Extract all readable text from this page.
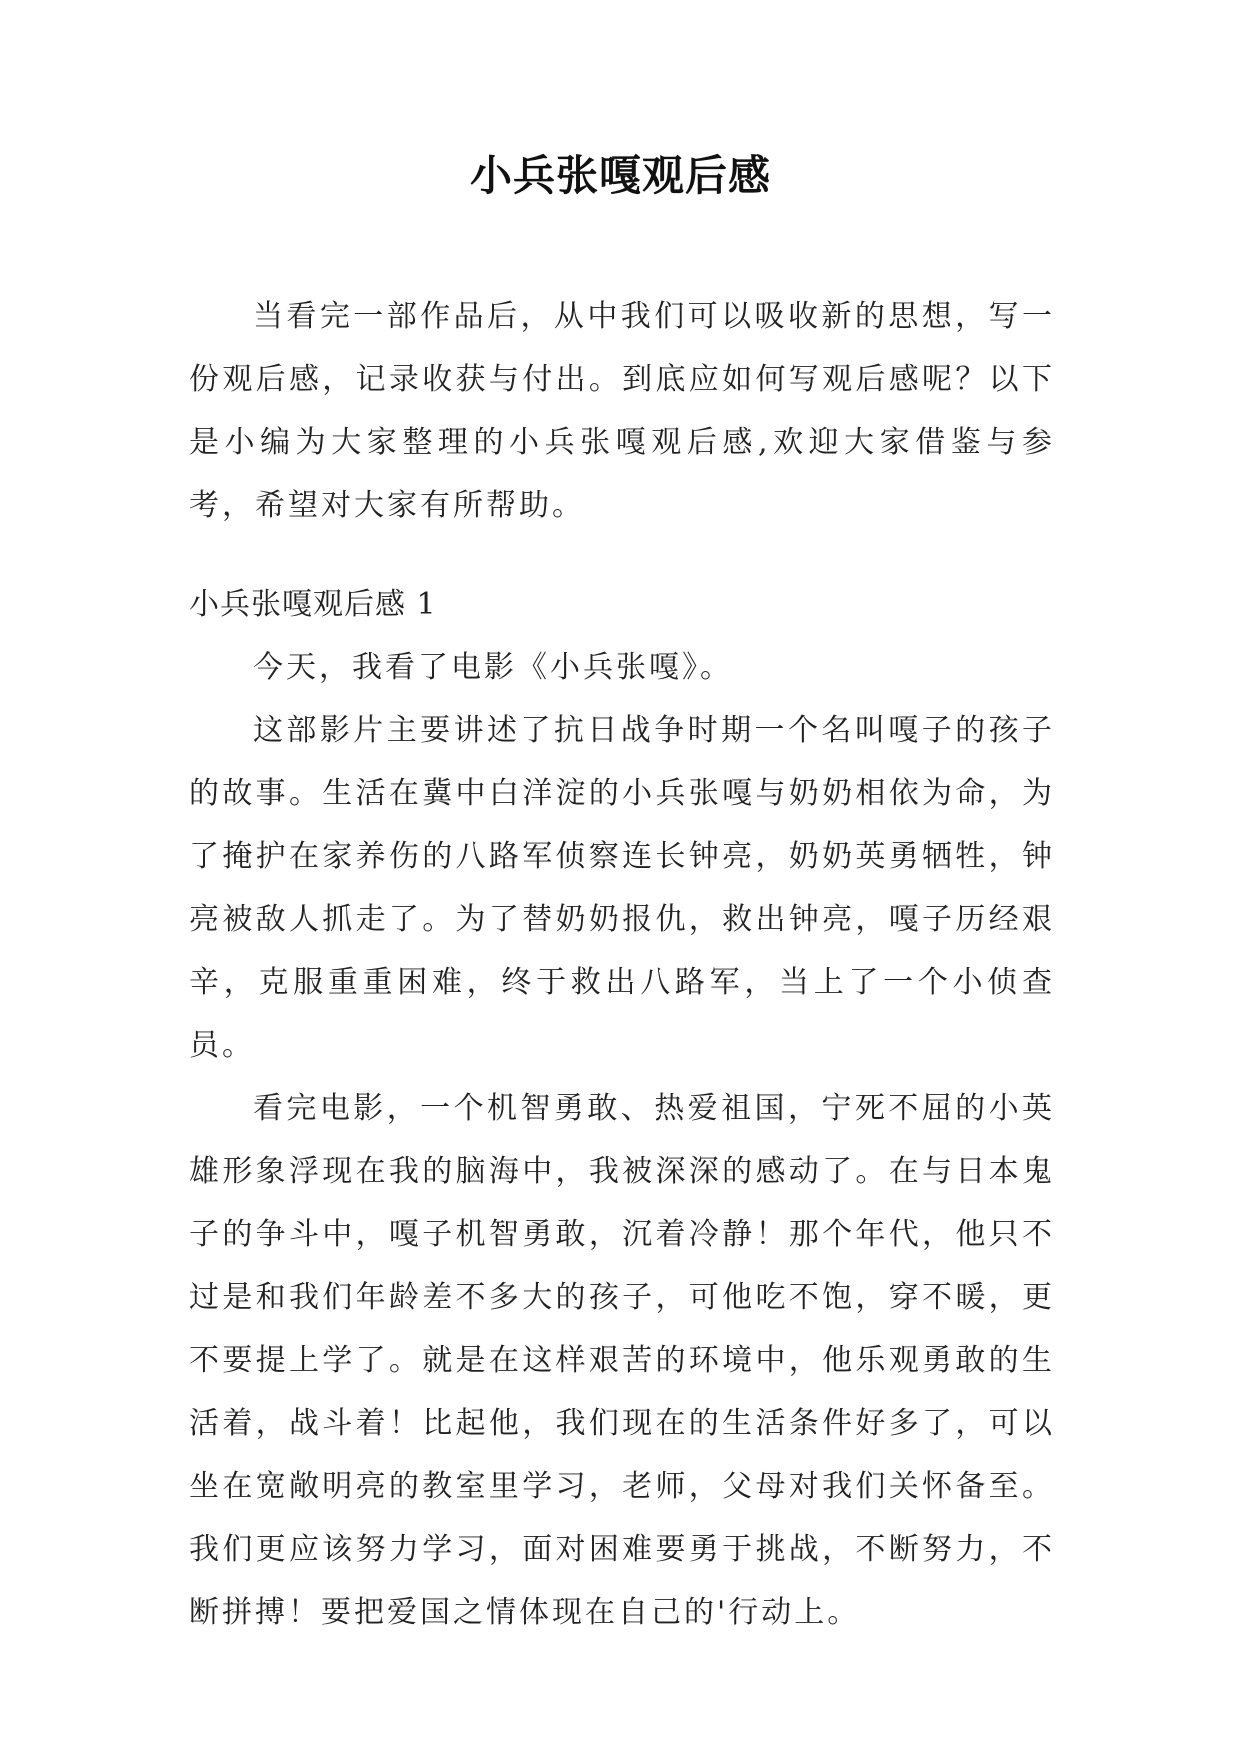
小兵张嘎观后感

当看完一部作品后，从中我们可以吸收新的思想，写一份观后感，记录收获与付出。到底应如何写观后感呢？以下是小编为大家整理的小兵张嘎观后感,欢迎大家借鉴与参考，希望对大家有所帮助。

小兵张嘎观后感 1

今天，我看了电影《小兵张嘎》。

这部影片主要讲述了抗日战争时期一个名叫嘎子的孩子的故事。生活在冀中白洋淀的小兵张嘎与奶奶相依为命，为了掩护在家养伤的八路军侦察连长钟亮，奶奶英勇牺牲，钟亮被敌人抓走了。为了替奶奶报仇，救出钟亮，嘎子历经艰辛，克服重重困难，终于救出八路军，当上了一个小侦查员。

看完电影，一个机智勇敢、热爱祖国，宁死不屈的小英雄形象浮现在我的脑海中，我被深深的感动了。在与日本鬼子的争斗中，嘎子机智勇敢，沉着冷静！那个年代，他只不过是和我们年龄差不多大的孩子，可他吃不饱，穿不暖，更不要提上学了。就是在这样艰苦的环境中，他乐观勇敢的生活着，战斗着！比起他，我们现在的生活条件好多了，可以坐在宽敞明亮的教室里学习，老师，父母对我们关怀备至。我们更应该努力学习，面对困难要勇于挑战，不断努力，不断拼搏！要把爱国之情体现在自己的'行动上。
